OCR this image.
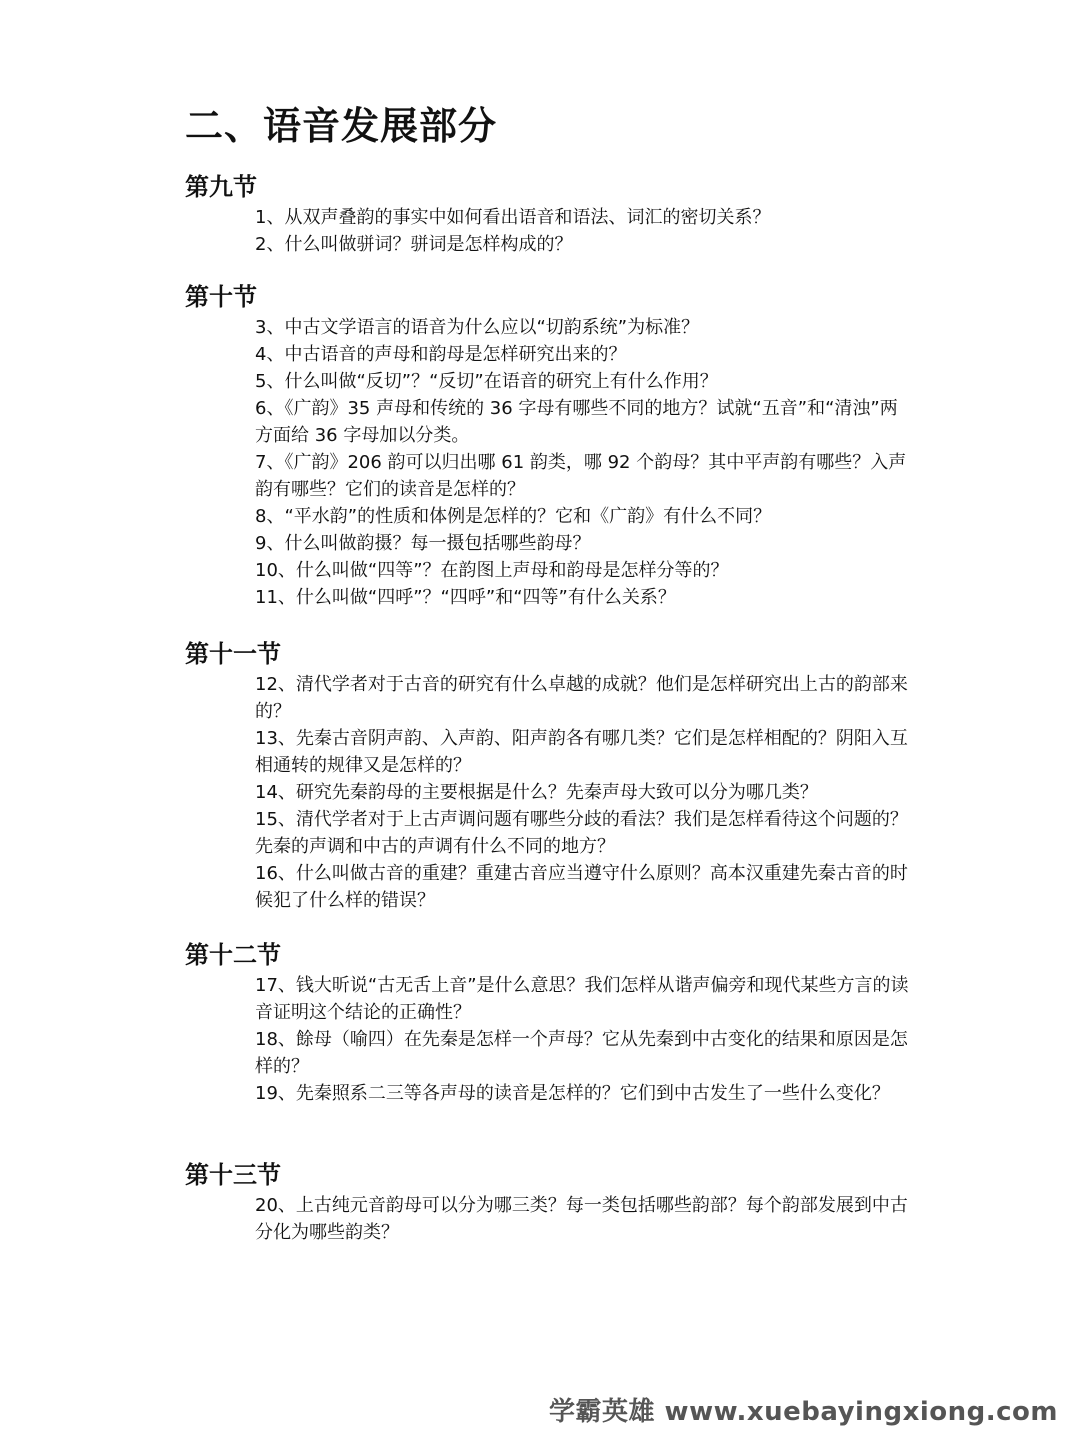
二、语音发展部分
第九节
1、从双声叠韵的事实中如何看出语音和语法、词汇的密切关系？
2、什么叫做骈词？骈词是怎样构成的？
第十节
3、中古文学语言的语音为什么应以“切韵系统”为标准？
4、中古语音的声母和韵母是怎样研究出来的？
5、什么叫做“反切”？“反切”在语音的研究上有什么作用？
6、《广韵》35 声母和传统的 36 字母有哪些不同的地方？试就“五音”和“清浊”两方面给 36 字母加以分类。
7、《广韵》206 韵可以归出哪 61 韵类，哪 92 个韵母？其中平声韵有哪些？入声韵有哪些？它们的读音是怎样的？
8、“平水韵”的性质和体例是怎样的？它和《广韵》有什么不同？
9、什么叫做韵摄？每一摄包括哪些韵母？
10、什么叫做“四等”？在韵图上声母和韵母是怎样分等的？
11、什么叫做“四呼”？“四呼”和“四等”有什么关系？
第十一节
12、清代学者对于古音的研究有什么卓越的成就？他们是怎样研究出上古的韵部来的？
13、先秦古音阴声韵、入声韵、阳声韵各有哪几类？它们是怎样相配的？阴阳入互相通转的规律又是怎样的？
14、研究先秦韵母的主要根据是什么？先秦声母大致可以分为哪几类？
15、清代学者对于上古声调问题有哪些分歧的看法？我们是怎样看待这个问题的？先秦的声调和中古的声调有什么不同的地方？
16、什么叫做古音的重建？重建古音应当遵守什么原则？高本汉重建先秦古音的时候犯了什么样的错误？
第十二节
17、钱大昕说“古无舌上音”是什么意思？我们怎样从谐声偏旁和现代某些方言的读音证明这个结论的正确性？
18、餘母（喻四）在先秦是怎样一个声母？它从先秦到中古变化的结果和原因是怎样的？
19、先秦照系二三等各声母的读音是怎样的？它们到中古发生了一些什么变化？
第十三节
20、上古纯元音韵母可以分为哪三类？每一类包括哪些韵部？每个韵部发展到中古分化为哪些韵类？
学霸英雄 www.xuebayingxiong.com
